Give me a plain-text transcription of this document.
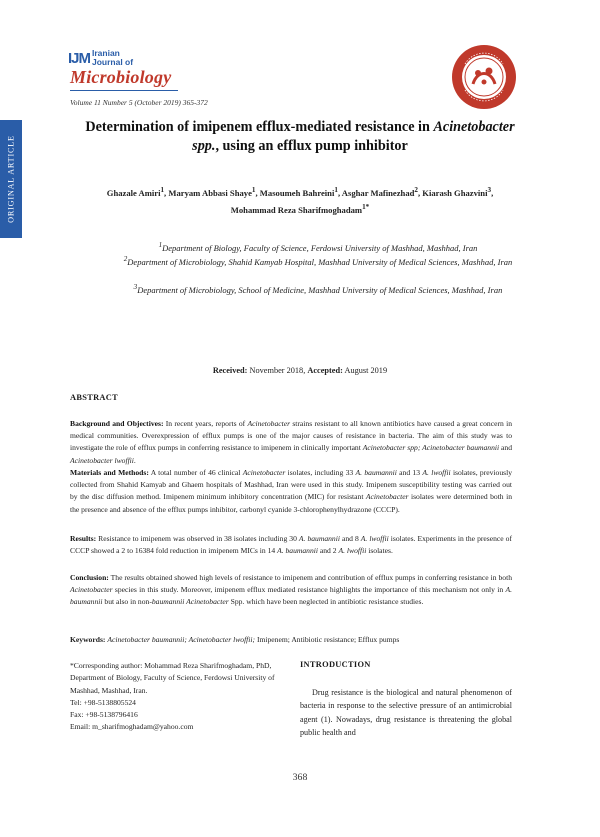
IJM Iranian
Journal of
Microbiology
Volume 11 Number 5 (October 2019) 365-372
ORIGINAL ARTICLE
Determination of imipenem efflux-mediated resistance in Acinetobacter
spp., using an efflux pump inhibitor
Ghazale Amiri$^1$, Maryam Abbasi Shaye$^1$, Masoumeh Bahreini$^1$, Asghar Mafinezhad$^2$, Kiarash Ghazvini$^3$,
Mohammad Reza Sharifmoghadam$^{1*}$
$^1$Department of Biology, Faculty of Science, Ferdowsi University of Mashhad, Mashhad, Iran
$^2$Department of Microbiology, Shahid Kamyab Hospital, Mashhad University of Medical Sciences, Mashhad, Iran
$^3$Department of Microbiology, School of Medicine, Mashhad University of Medical Sciences, Mashhad, Iran
Received: November 2018, Accepted: August 2019
ABSTRACT
Background and Objectives: In recent years, reports of Acinetobacter strains resistant to all known antibiotics have caused a great concern in medical communities. Overexpression of efflux pumps is one of the major causes of resistance in bacteria. The aim of this study was to investigate the role of efflux pumps in conferring resistance to imipenem in clinically important Acinetobacter spp; Acinetobacter baumannii and Acinetobacter lwoffii.
Materials and Methods: A total number of 46 clinical Acinetobacter isolates, including 33 A. baumannii and 13 A. lwoffii isolates, previously collected from Shahid Kamyab and Ghaem hospitals of Mashhad, Iran were used in this study. Imipenem susceptibility testing was carried out by the disc diffusion method. Imipenem minimum inhibitory concentration (MIC) for resistant Acinetobacter isolates were determined both in the presence and absence of the efflux pumps inhibitor, carbonyl cyanide 3-chlorophenylhydrazone (CCCP).
Results: Resistance to imipenem was observed in 38 isolates including 30 A. baumannii and 8 A. lwoffii isolates. Experiments in the presence of CCCP showed a 2 to 16384 fold reduction in imipenem MICs in 14 A. baumannii and 2 A. lwoffii isolates.
Conclusion: The results obtained showed high levels of resistance to imipenem and contribution of efflux pumps in conferring resistance in both Acinetobacter species in this study. Moreover, imipenem efflux mediated resistance highlights the importance of this mechanism not only in A. baumannii but also in non-baumannii Acinetobacter Spp. which have been neglected in antibiotic resistance studies.
Keywords: Acinetobacter baumannii; Acinetobacter lwoffii; Imipenem; Antibiotic resistance; Efflux pumps
*Corresponding author: Mohammad Reza Sharifmoghadam, PhD, Department of Biology, Faculty of Science, Ferdowsi University of Mashhad, Mashhad, Iran.
Tel: +98-5138805524
Fax: +98-5138796416
Email: m_sharifmoghadam@yahoo.com
INTRODUCTION
Drug resistance is the biological and natural phenomenon of bacteria in response to the selective pressure of an antimicrobial agent (1). Nowadays, drug resistance is threatening the global public health and
368
